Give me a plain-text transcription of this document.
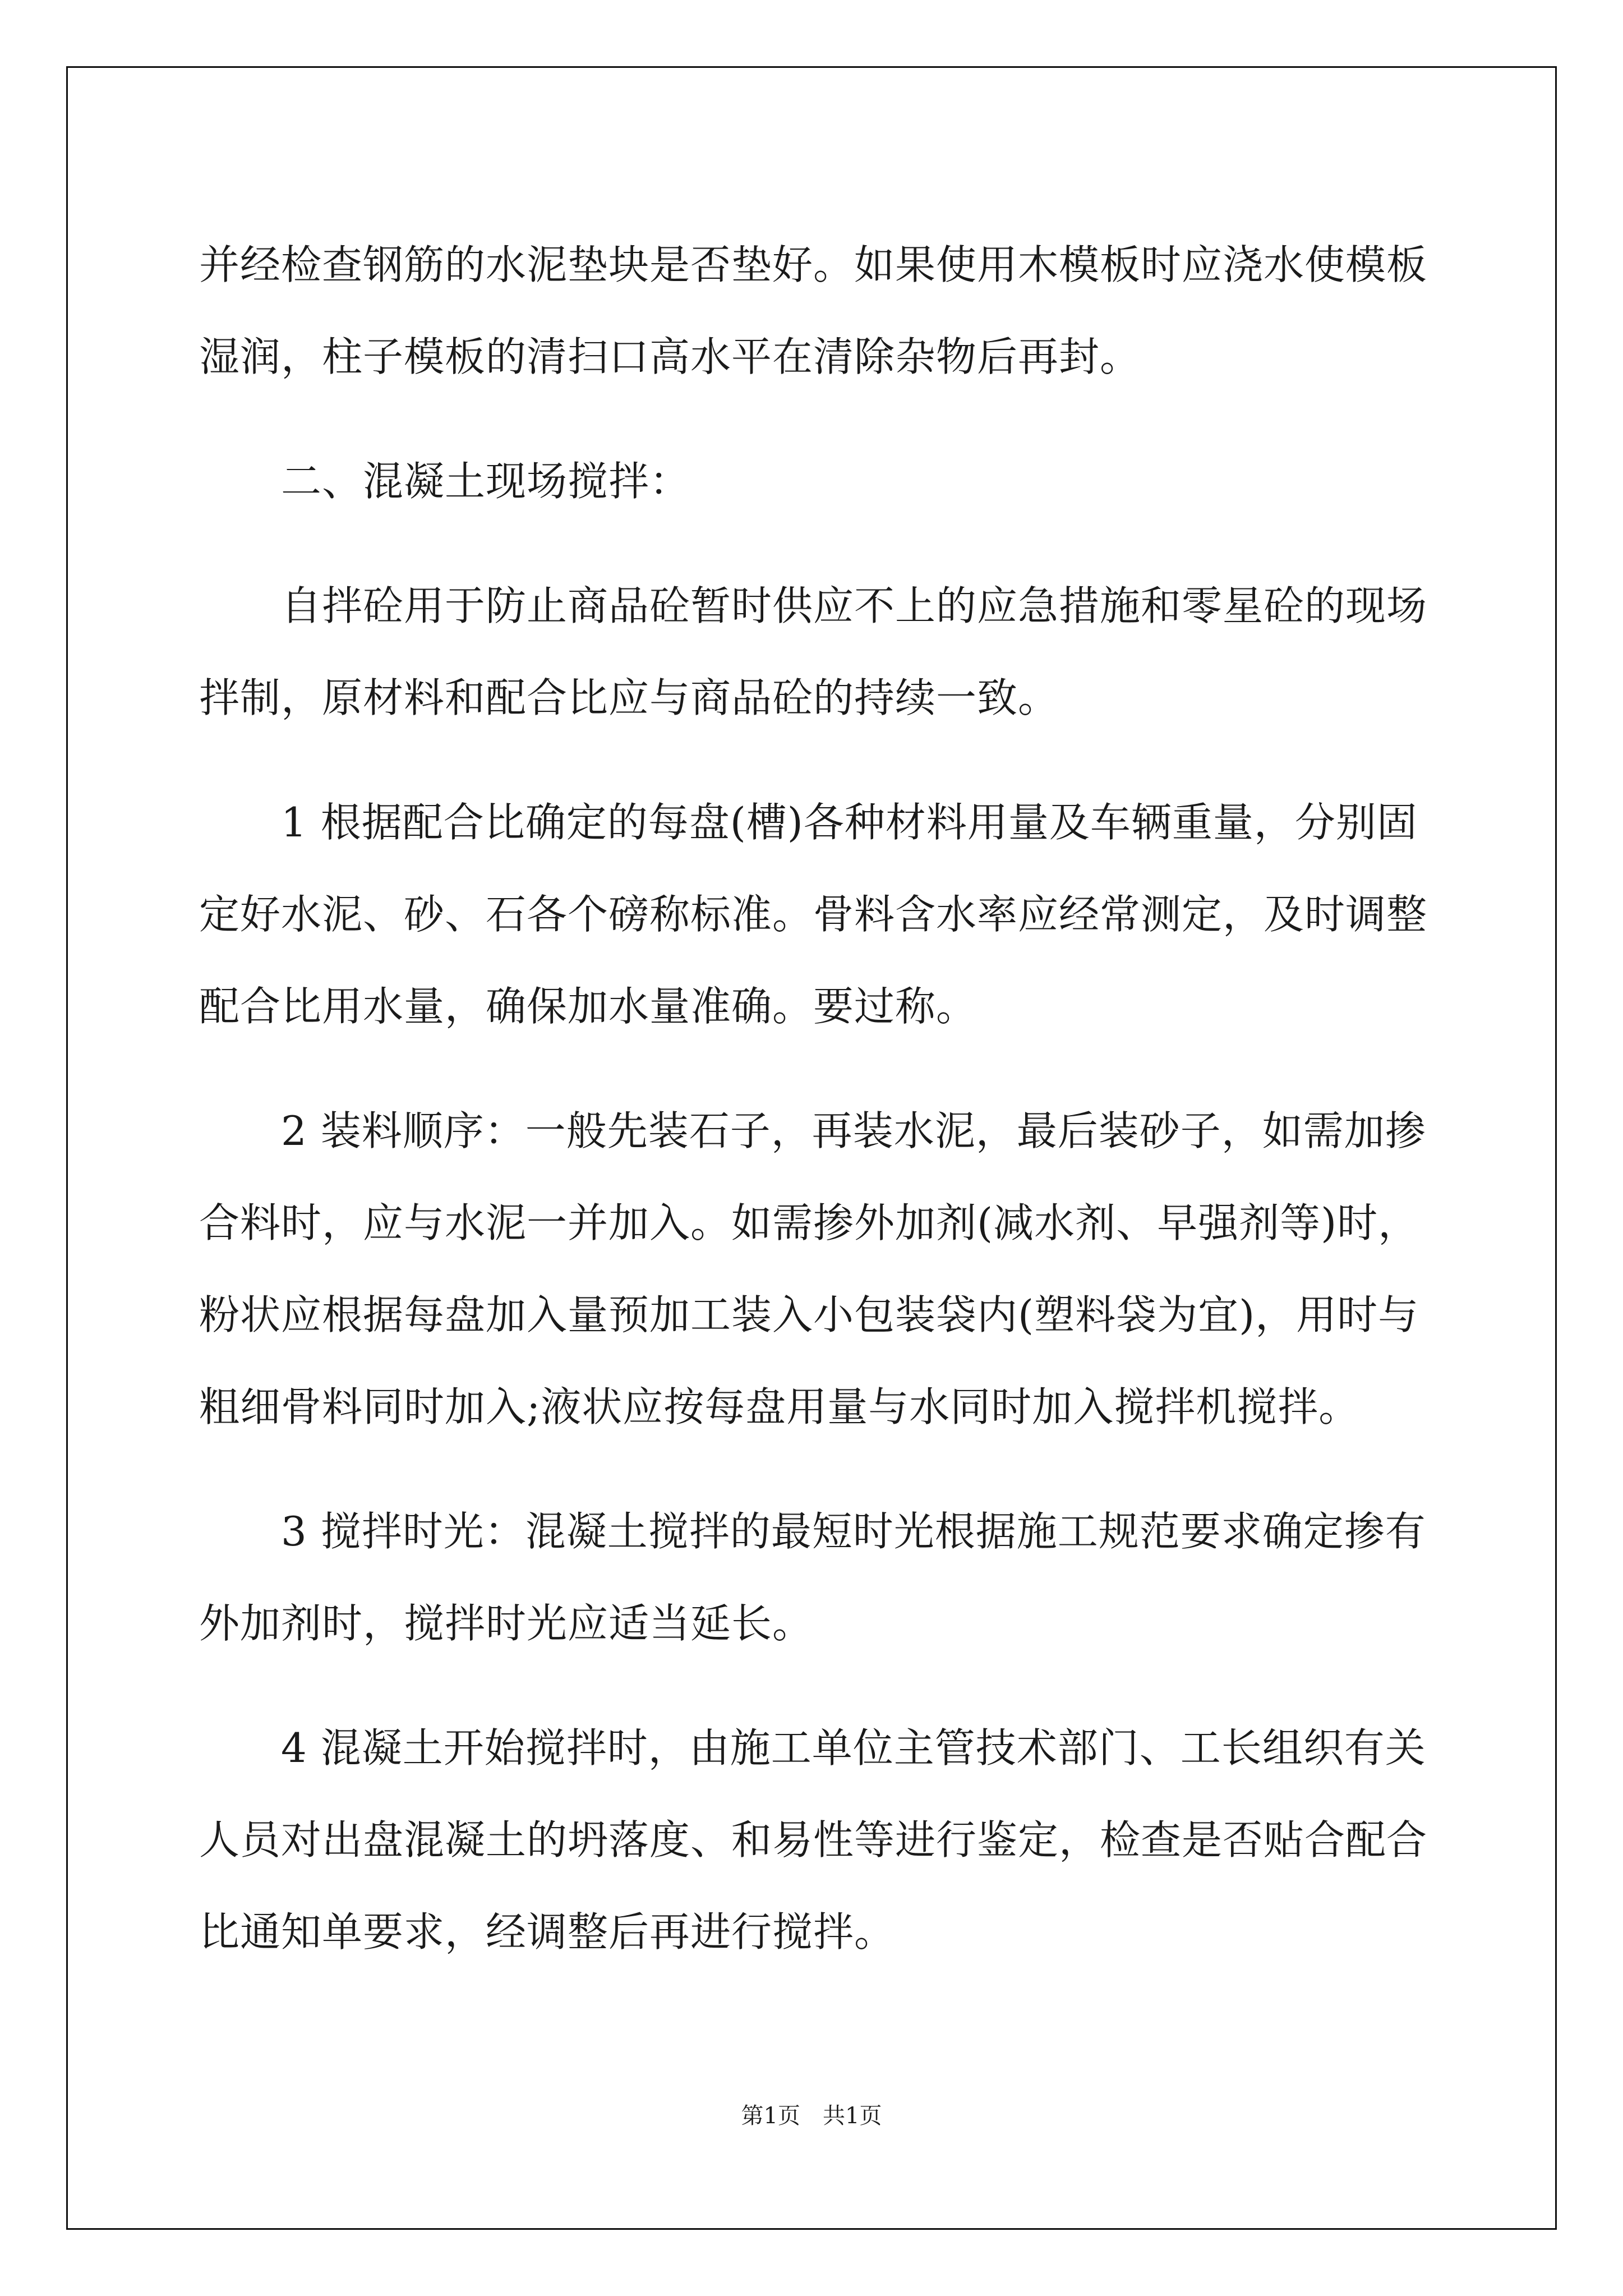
并经检查钢筋的水泥垫块是否垫好。如果使用木模板时应浇水使模板
湿润，柱子模板的清扫口高水平在清除杂物后再封。
二、混凝土现场搅拌：
自拌砼用于防止商品砼暂时供应不上的应急措施和零星砼的现场
拌制，原材料和配合比应与商品砼的持续一致。
1 根据配合比确定的每盘(槽)各种材料用量及车辆重量，分别固
定好水泥、砂、石各个磅称标准。骨料含水率应经常测定，及时调整
配合比用水量，确保加水量准确。要过称。
2 装料顺序：一般先装石子，再装水泥，最后装砂子，如需加掺
合料时，应与水泥一并加入。如需掺外加剂(减水剂、早强剂等)时，
粉状应根据每盘加入量预加工装入小包装袋内(塑料袋为宜)，用时与
粗细骨料同时加入;液状应按每盘用量与水同时加入搅拌机搅拌。
3 搅拌时光：混凝土搅拌的最短时光根据施工规范要求确定掺有
外加剂时，搅拌时光应适当延长。
4 混凝土开始搅拌时，由施工单位主管技术部门、工长组织有关
人员对出盘混凝土的坍落度、和易性等进行鉴定，检查是否贴合配合
比通知单要求，经调整后再进行搅拌。
第1页　共1页
